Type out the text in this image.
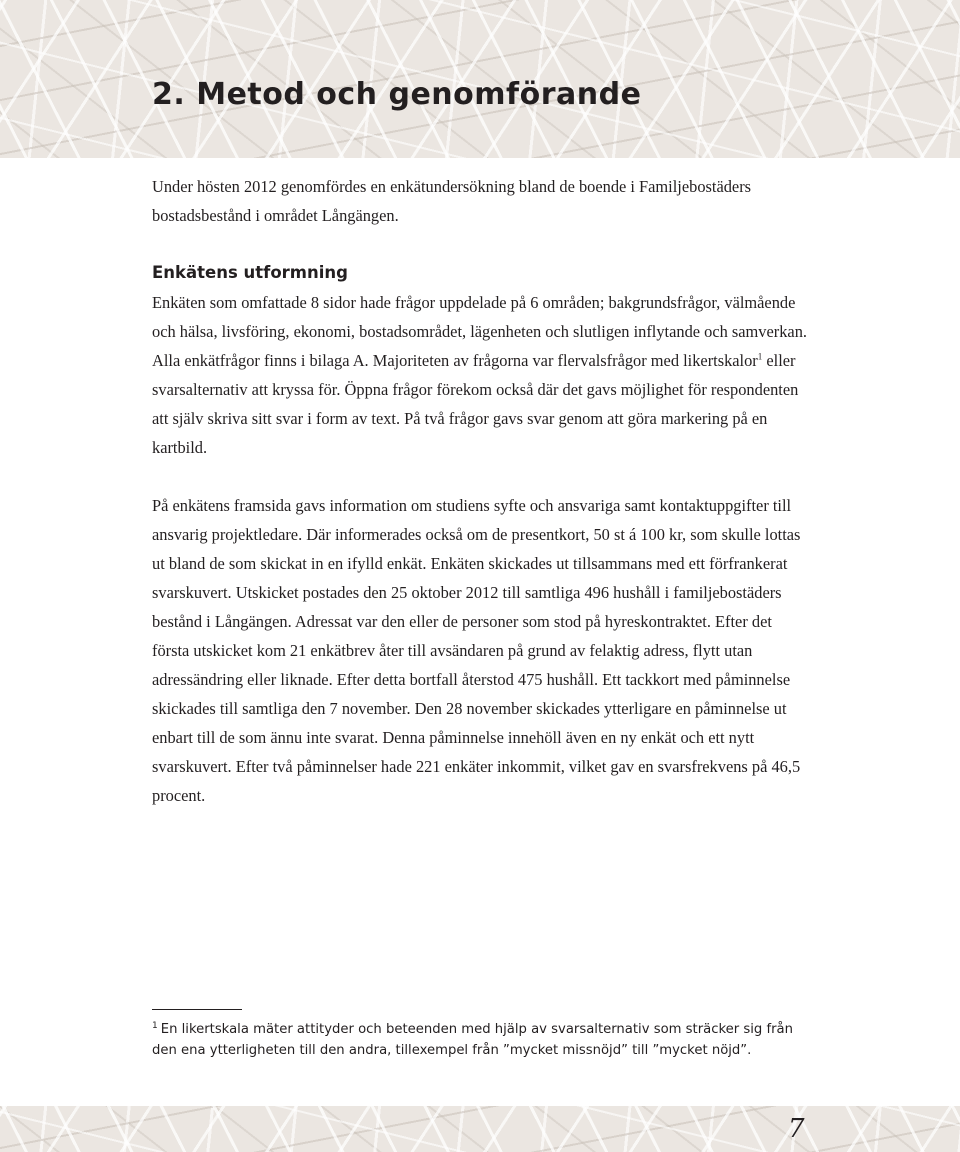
2. Metod och genomförande

Under hösten 2012 genomfördes en enkätundersökning bland de boende i Familjebostäders bostadsbestånd i området Långängen.

Enkätens utformning

Enkäten som omfattade 8 sidor hade frågor uppdelade på 6 områden; bakgrundsfrågor, välmående och hälsa, livsföring, ekonomi, bostadsområdet, lägenheten och slutligen inflytande och samverkan. Alla enkätfrågor finns i bilaga A. Majoriteten av frågorna var flervalsfrågor med likertskalor$^1$ eller svarsalternativ att kryssa för. Öppna frågor förekom också där det gavs möjlighet för respondenten att själv skriva sitt svar i form av text. På två frågor gavs svar genom att göra markering på en kartbild.

På enkätens framsida gavs information om studiens syfte och ansvariga samt kontaktuppgifter till ansvarig projektledare. Där informerades också om de presentkort, 50 st á 100 kr, som skulle lottas ut bland de som skickat in en ifylld enkät. Enkäten skickades ut tillsammans med ett förfrankerat svarskuvert. Utskicket postades den 25 oktober 2012 till samtliga 496 hushåll i familjebostäders bestånd i Långängen. Adressat var den eller de personer som stod på hyreskontraktet. Efter det första utskicket kom 21 enkätbrev åter till avsändaren på grund av felaktig adress, flytt utan adressändring eller liknade. Efter detta bortfall återstod 475 hushåll. Ett tackkort med påminnelse skickades till samtliga den 7 november. Den 28 november skickades ytterligare en påminnelse ut enbart till de som ännu inte svarat. Denna påminnelse innehöll även en ny enkät och ett nytt svarskuvert. Efter två påminnelser hade 221 enkäter inkommit, vilket gav en svarsfrekvens på 46,5 procent.

$^1$ En likertskala mäter attityder och beteenden med hjälp av svarsalternativ som sträcker sig från den ena ytterligheten till den andra, tillexempel från ”mycket missnöjd” till ”mycket nöjd”.

7
